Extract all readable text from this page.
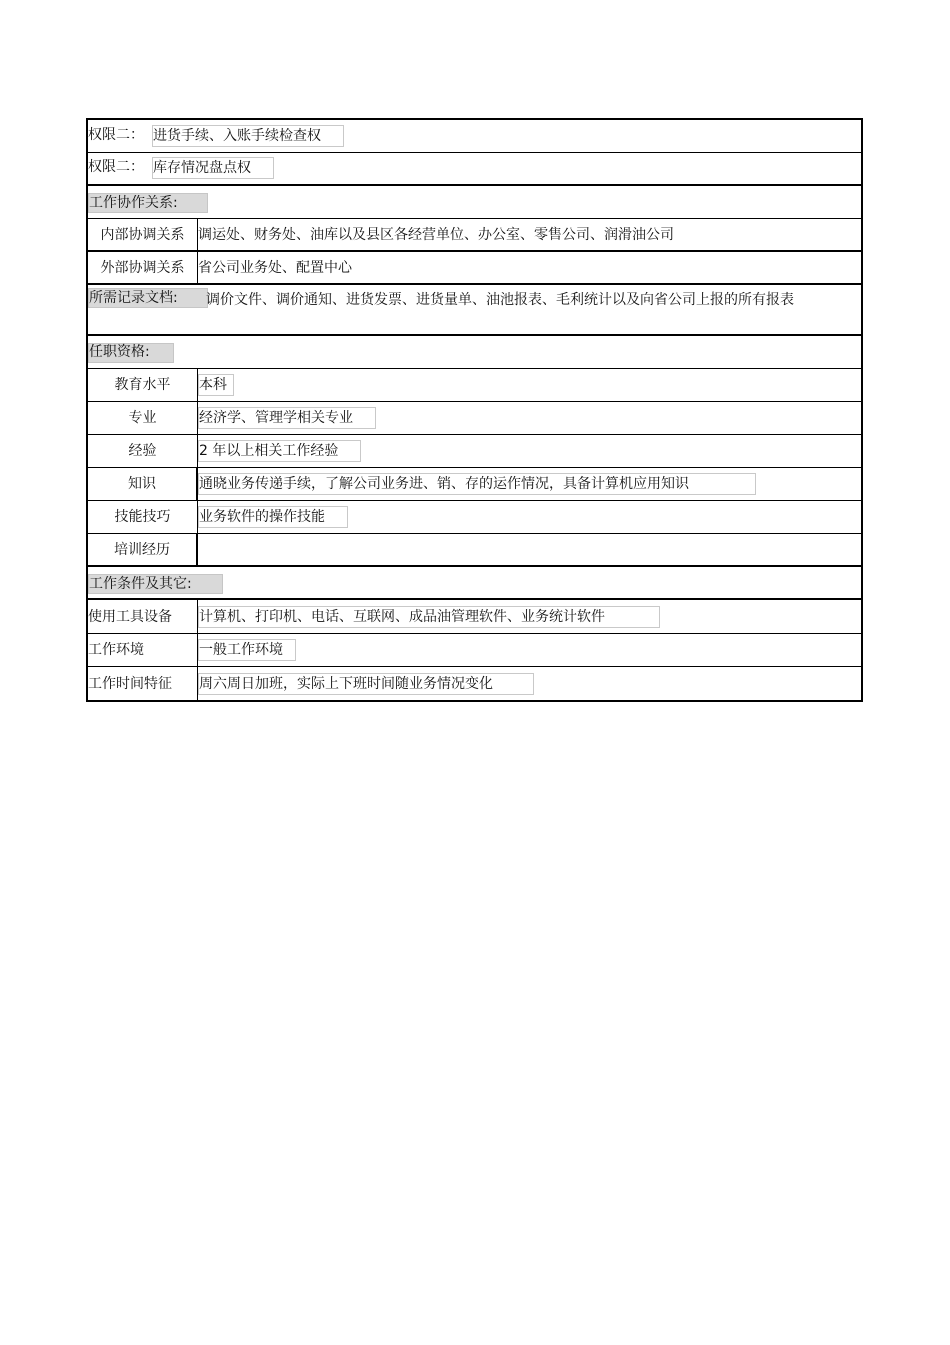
权限二： 进货手续、入账手续检查权
权限二： 库存情况盘点权
工作协作关系:
内部协调关系 调运处、财务处、油库以及县区各经营单位、办公室、零售公司、润滑油公司
外部协调关系 省公司业务处、配置中心
所需记录文档: 调价文件、调价通知、进货发票、进货量单、油池报表、毛利统计以及向省公司上报的所有报表
任职资格:
教育水平	本科
专业	经济学、管理学相关专业
经验	2 年以上相关工作经验
知识	通晓业务传递手续，了解公司业务进、销、存的运作情况，具备计算机应用知识
技能技巧	业务软件的操作技能
培训经历
工作条件及其它:
使用工具设备	计算机、打印机、电话、互联网、成品油管理软件、业务统计软件
工作环境	一般工作环境
工作时间特征	周六周日加班，实际上下班时间随业务情况变化
